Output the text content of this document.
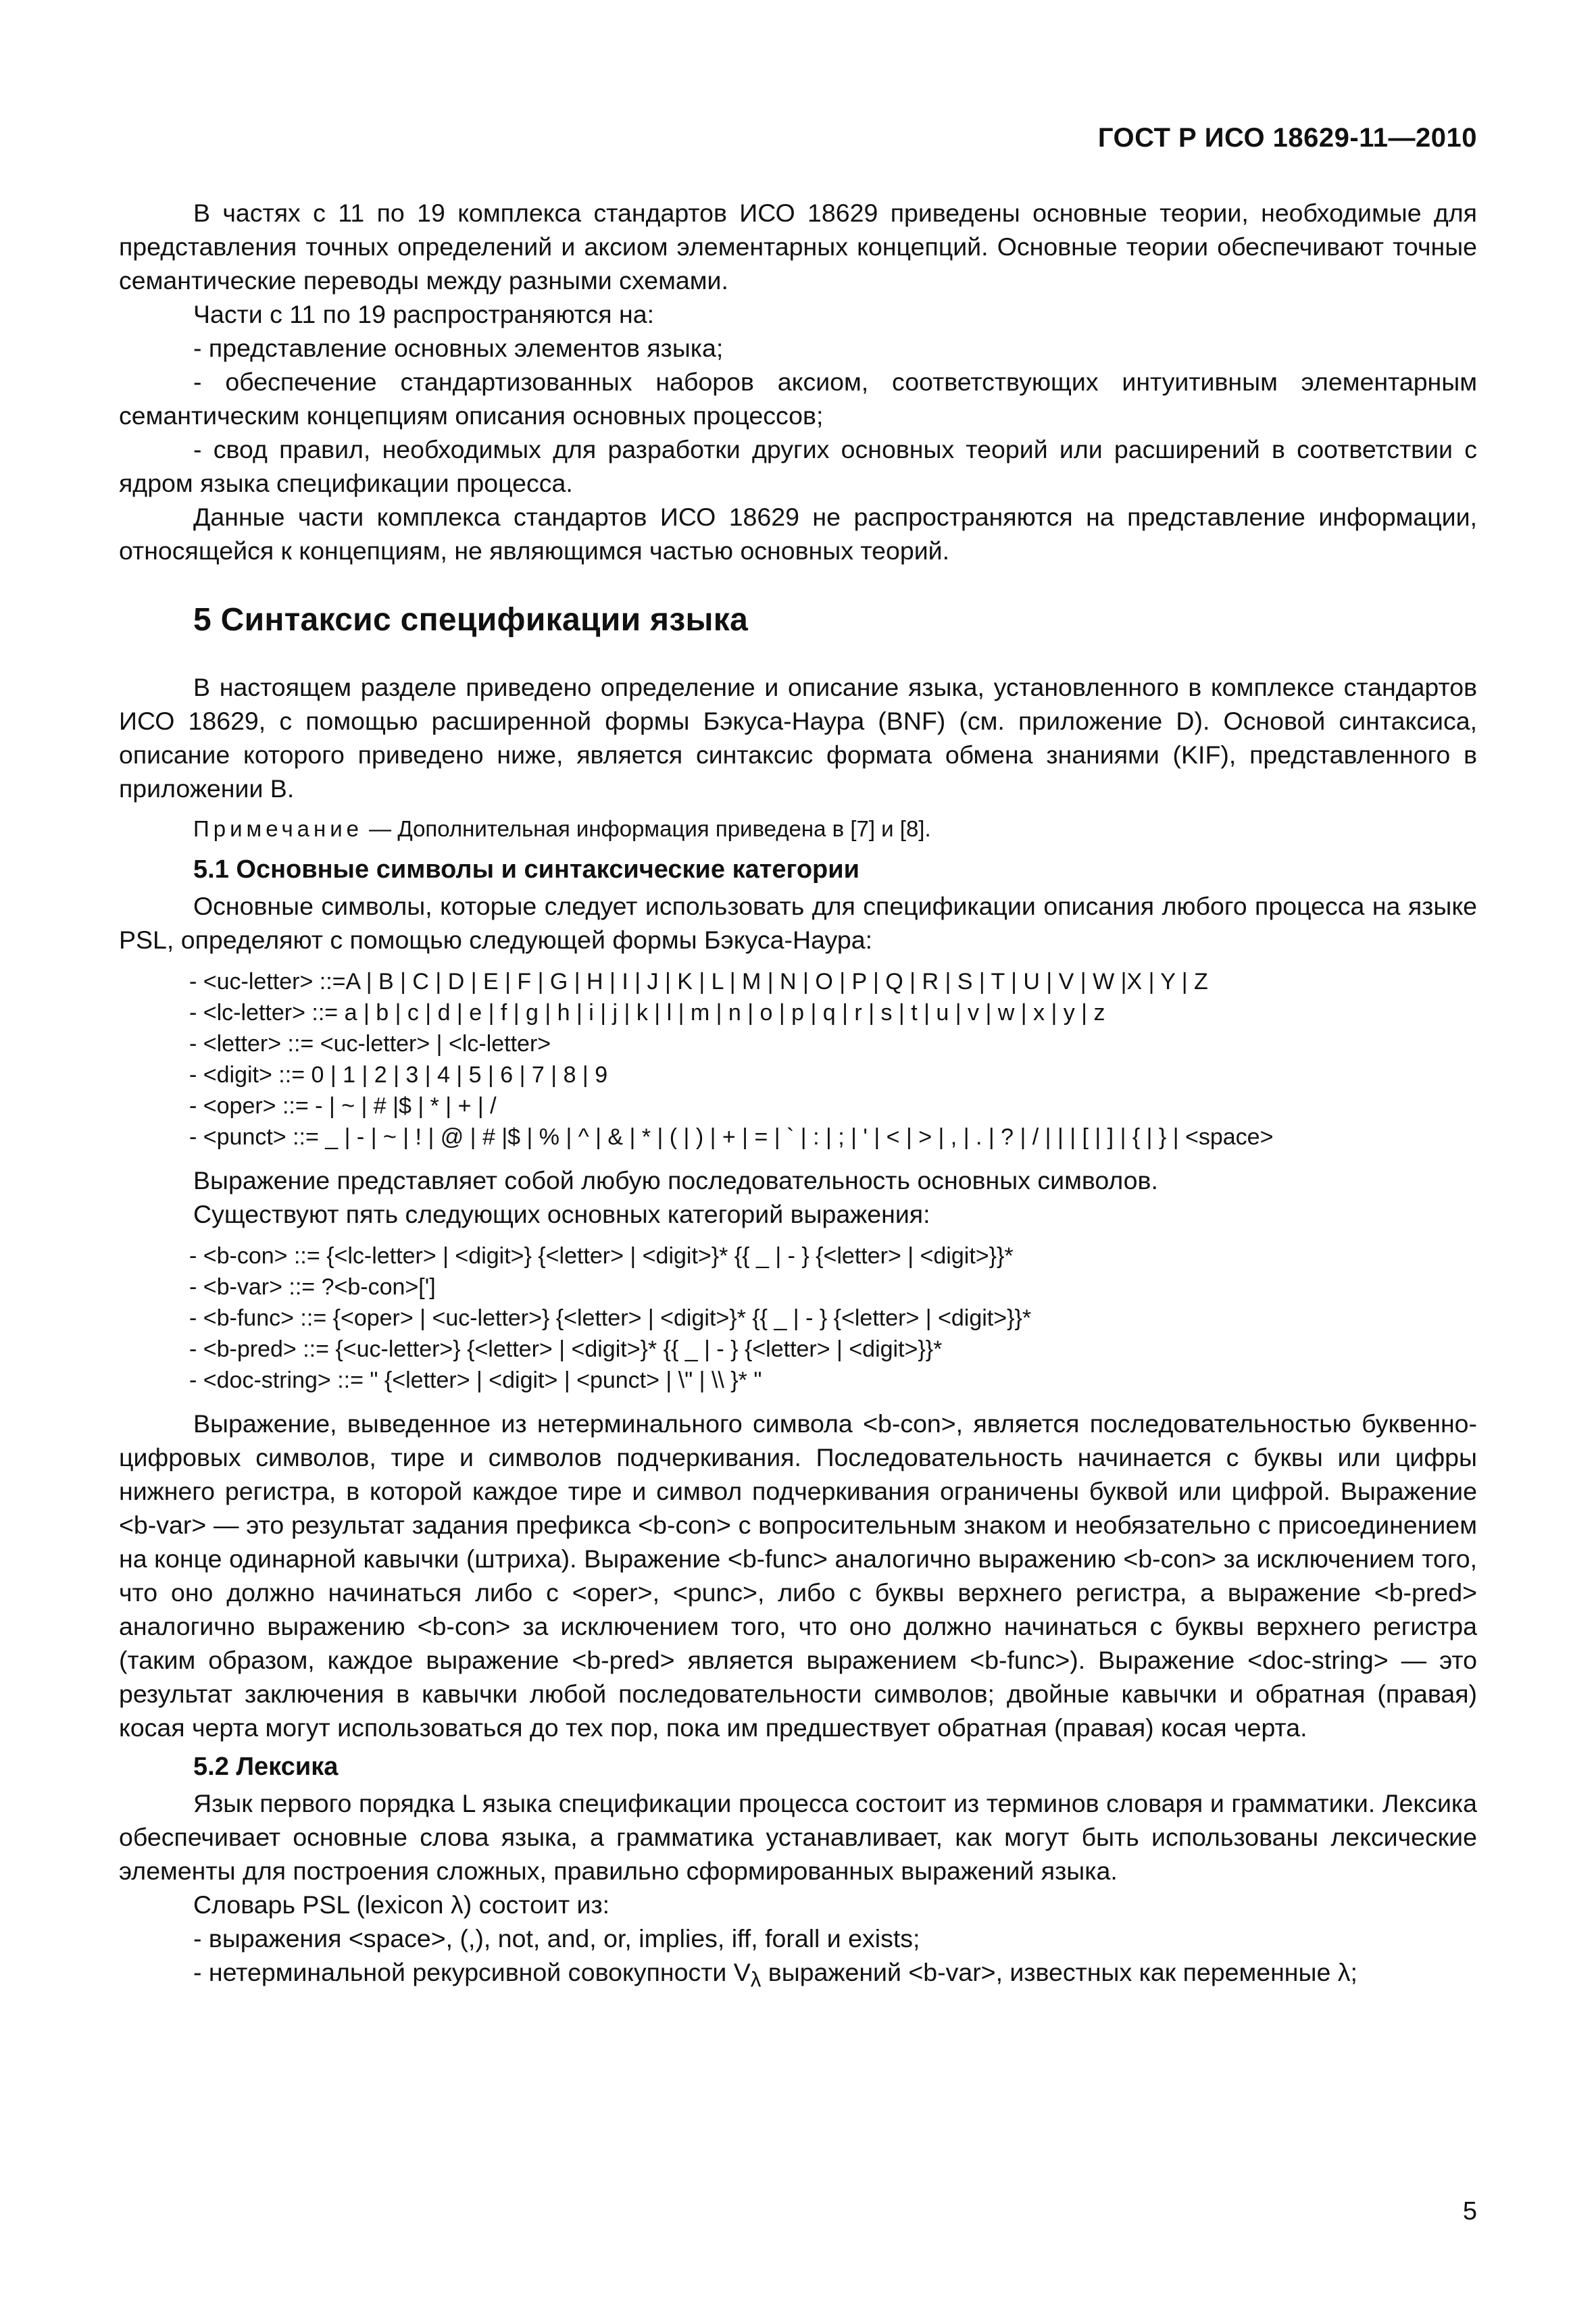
ГОСТ Р ИСО 18629-11—2010

В частях с 11 по 19 комплекса стандартов ИСО 18629 приведены основные теории, необходимые для представления точных определений и аксиом элементарных концепций. Основные теории обеспечивают точные семантические переводы между разными схемами.

Части с 11 по 19 распространяются на:

- представление основных элементов языка;

- обеспечение стандартизованных наборов аксиом, соответствующих интуитивным элементарным семантическим концепциям описания основных процессов;

- свод правил, необходимых для разработки других основных теорий или расширений в соответствии с ядром языка спецификации процесса.

Данные части комплекса стандартов ИСО 18629 не распространяются на представление информации, относящейся к концепциям, не являющимся частью основных теорий.

5 Синтаксис спецификации языка

В настоящем разделе приведено определение и описание языка, установленного в комплексе стандартов ИСО 18629, с помощью расширенной формы Бэкуса-Наура (BNF) (см. приложение D). Основой синтаксиса, описание которого приведено ниже, является синтаксис формата обмена знаниями (KIF), представленного в приложении B.

Примечание — Дополнительная информация приведена в [7] и [8].

5.1 Основные символы и синтаксические категории

Основные символы, которые следует использовать для спецификации описания любого процесса на языке PSL, определяют с помощью следующей формы Бэкуса-Наура:

- <uc-letter> ::=A | B | C | D | E | F | G | H | I | J | K | L | M | N | O | P | Q | R | S | T | U | V | W |X | Y | Z

- <lc-letter> ::= a | b | c | d | e | f | g | h | i | j | k | l | m | n | o | p | q | r | s | t | u | v | w | x | y | z

- <letter> ::= <uc-letter> | <lc-letter>

- <digit> ::= 0 | 1 | 2 | 3 | 4 | 5 | 6 | 7 | 8 | 9

- <oper> ::= - | ~ | # |$ | * | + | /

- <punct> ::= _ | - | ~ | ! | @ | # |$ | % | ^ | & | * | ( | ) | + | = | ` | : | ; | ' | < | > | , | . | ? | / | | | [ | ] | { | } | <space>

Выражение представляет собой любую последовательность основных символов.

Существуют пять следующих основных категорий выражения:

- <b-con> ::= {<lc-letter> | <digit>} {<letter> | <digit>}* {{ _ | - } {<letter> | <digit>}}*

- <b-var> ::= ?<b-con>[']

- <b-func> ::= {<oper> | <uc-letter>} {<letter> | <digit>}* {{ _ | - } {<letter> | <digit>}}*

- <b-pred> ::= {<uc-letter>} {<letter> | <digit>}* {{ _ | - } {<letter> | <digit>}}*

- <doc-string> ::= " {<letter> | <digit> | <punct> | \" | \\ }* "

Выражение, выведенное из нетерминального символа <b-con>, является последовательностью буквенно-цифровых символов, тире и символов подчеркивания. Последовательность начинается с буквы или цифры нижнего регистра, в которой каждое тире и символ подчеркивания ограничены буквой или цифрой. Выражение <b-var> — это результат задания префикса <b-con> с вопросительным знаком и необязательно с присоединением на конце одинарной кавычки (штриха). Выражение <b-func> аналогично выражению <b-con> за исключением того, что оно должно начинаться либо с <oper>, <punc>, либо с буквы верхнего регистра, а выражение <b-pred> аналогично выражению <b-con> за исключением того, что оно должно начинаться с буквы верхнего регистра (таким образом, каждое выражение <b-pred> является выражением <b-func>). Выражение <doc-string> — это результат заключения в кавычки любой последовательности символов; двойные кавычки и обратная (правая) косая черта могут использоваться до тех пор, пока им предшествует обратная (правая) косая черта.

5.2 Лексика

Язык первого порядка L языка спецификации процесса состоит из терминов словаря и грамматики. Лексика обеспечивает основные слова языка, а грамматика устанавливает, как могут быть использованы лексические элементы для построения сложных, правильно сформированных выражений языка.

Словарь PSL (lexicon λ) состоит из:

- выражения <space>, (,), not, and, or, implies, iff, forall и exists;

- нетерминальной рекурсивной совокупности $V_\lambda$ выражений <b-var>, известных как переменные λ;

5
